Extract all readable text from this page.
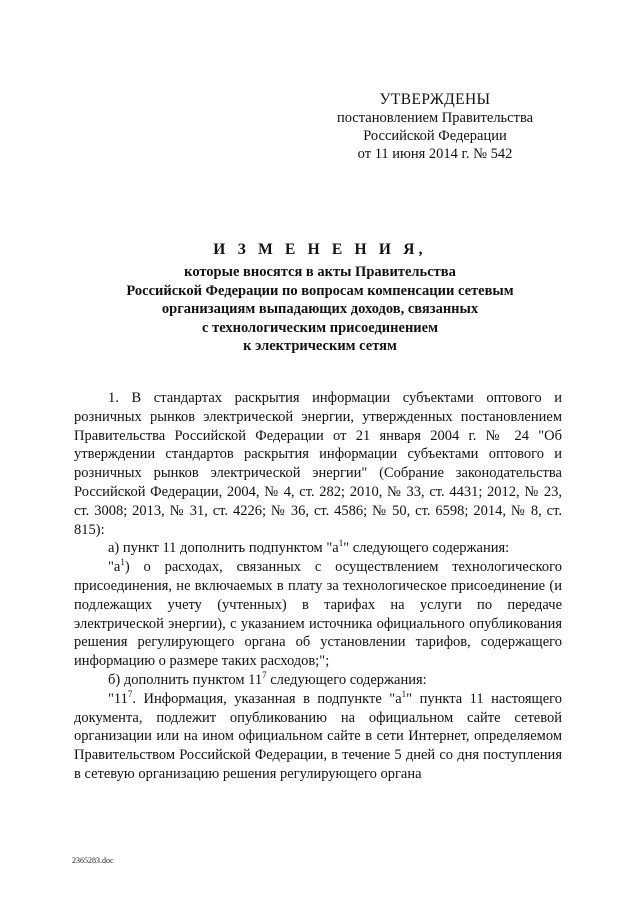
УТВЕРЖДЕНЫ
постановлением Правительства
Российской Федерации
от 11 июня 2014 г. № 542
И З М Е Н Е Н И Я,
которые вносятся в акты Правительства
Российской Федерации по вопросам компенсации сетевым
организациям выпадающих доходов, связанных
с технологическим присоединением
к электрическим сетям

1. В стандартах раскрытия информации субъектами оптового и розничных рынков электрической энергии, утвержденных постановлением Правительства Российской Федерации от 21 января 2004 г. № 24 "Об утверждении стандартов раскрытия информации субъектами оптового и розничных рынков электрической энергии" (Собрание законодательства Российской Федерации, 2004, № 4, ст. 282; 2010, № 33, ст. 4431; 2012, № 23, ст. 3008; 2013, № 31, ст. 4226; № 36, ст. 4586; № 50, ст. 6598; 2014, № 8, ст. 815):

а) пункт 11 дополнить подпунктом "$а^1$" следующего содержания:

"$а^1$) о расходах, связанных с осуществлением технологического присоединения, не включаемых в плату за технологическое присоединение (и подлежащих учету (учтенных) в тарифах на услуги по передаче электрической энергии), с указанием источника официального опубликования решения регулирующего органа об установлении тарифов, содержащего информацию о размере таких расходов;";

б) дополнить пунктом $11^7$ следующего содержания:

"$11^7$. Информация, указанная в подпункте "$а^1$" пункта 11 настоящего документа, подлежит опубликованию на официальном сайте сетевой организации или на ином официальном сайте в сети Интернет, определяемом Правительством Российской Федерации, в течение 5 дней со дня поступления в сетевую организацию решения регулирующего органа

2365283.doc
